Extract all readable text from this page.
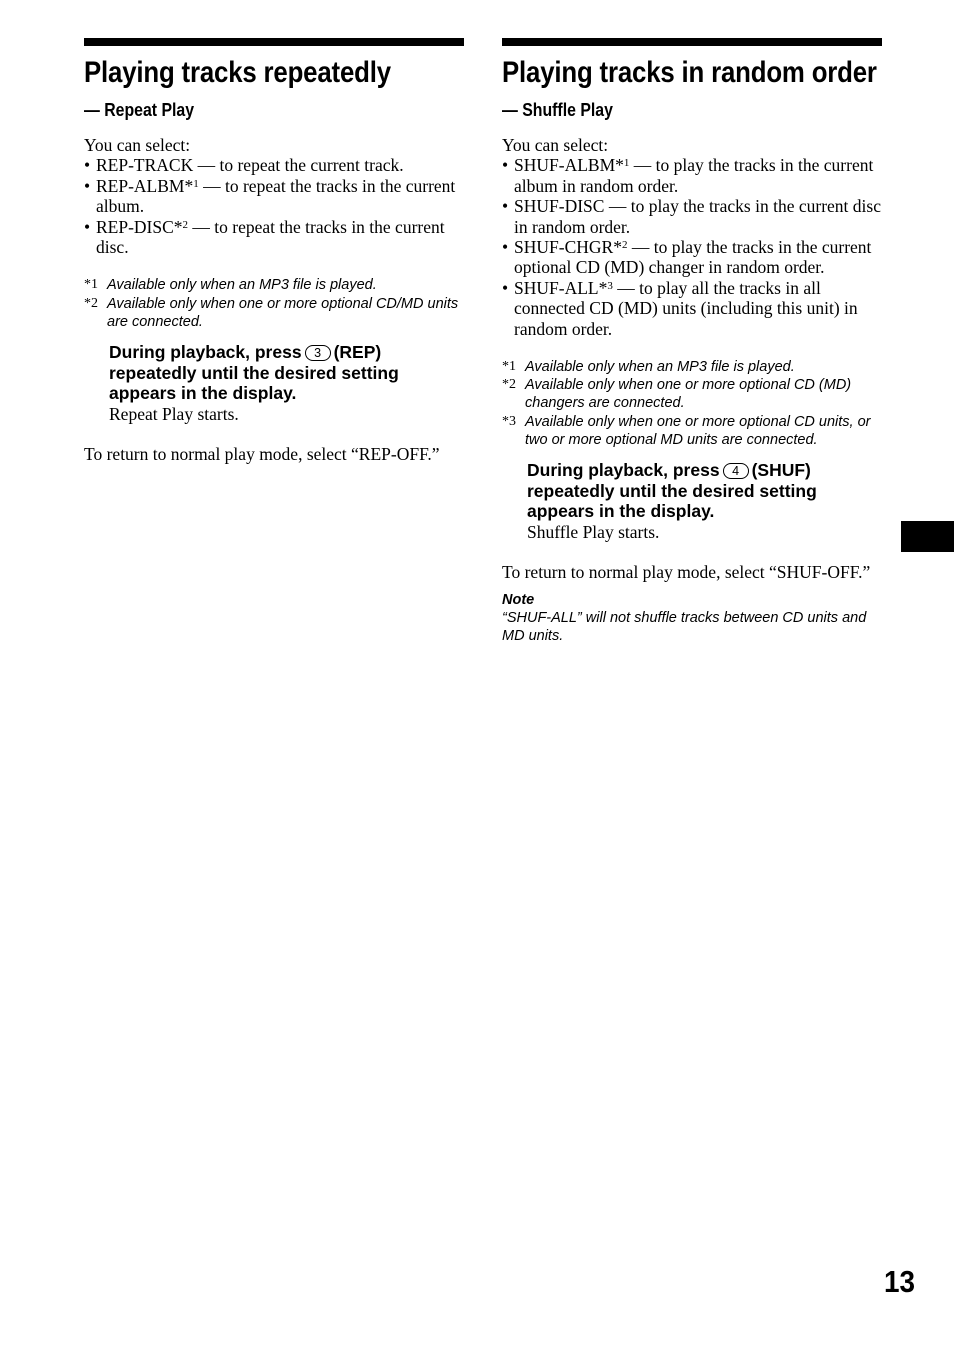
Playing tracks repeatedly
— Repeat Play
You can select:
• REP-TRACK — to repeat the current track.
• REP-ALBM*$^1$ — to repeat the tracks in the current album.
• REP-DISC*$^2$ — to repeat the tracks in the current disc.
*1 Available only when an MP3 file is played.
*2 Available only when one or more optional CD/MD units are connected.
During playback, press 3 (REP) repeatedly until the desired setting appears in the display.
Repeat Play starts.
To return to normal play mode, select “REP-OFF.”
Playing tracks in random order
— Shuffle Play
You can select:
• SHUF-ALBM*$^1$ — to play the tracks in the current album in random order.
• SHUF-DISC — to play the tracks in the current disc in random order.
• SHUF-CHGR*$^2$ — to play the tracks in the current optional CD (MD) changer in random order.
• SHUF-ALL*$^3$ — to play all the tracks in all connected CD (MD) units (including this unit) in random order.
*1 Available only when an MP3 file is played.
*2 Available only when one or more optional CD (MD) changers are connected.
*3 Available only when one or more optional CD units, or two or more optional MD units are connected.
During playback, press 4 (SHUF) repeatedly until the desired setting appears in the display.
Shuffle Play starts.
To return to normal play mode, select “SHUF-OFF.”
Note
“SHUF-ALL” will not shuffle tracks between CD units and MD units.
13
